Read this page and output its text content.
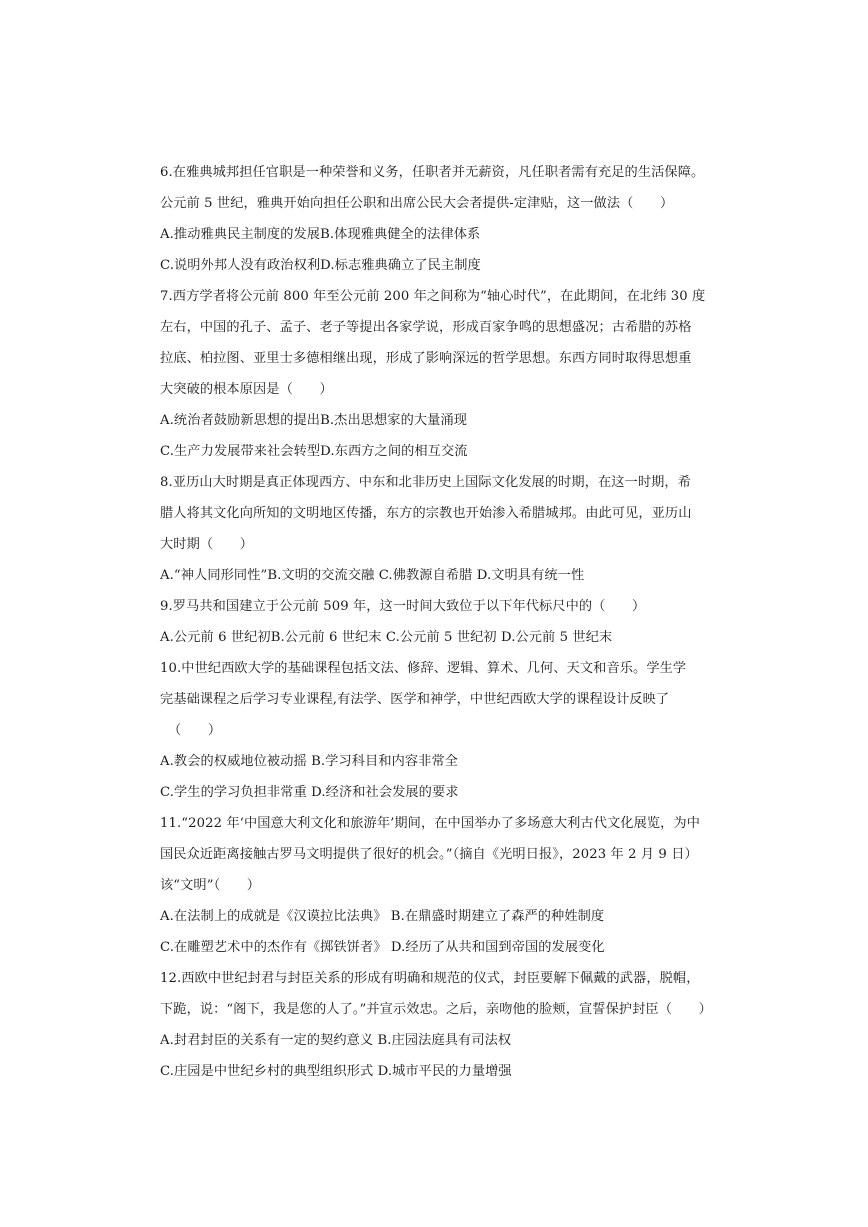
6.在雅典城邦担任官职是一种荣誉和义务，任职者并无薪资，凡任职者需有充足的生活保障。
公元前 5 世纪，雅典开始向担任公职和出席公民大会者提供-定津贴，这一做法（　　）
A.推动雅典民主制度的发展B.体现雅典健全的法律体系
C.说明外邦人没有政治权利D.标志雅典确立了民主制度
7.西方学者将公元前 800 年至公元前 200 年之间称为“轴心时代”，在此期间，在北纬 30 度
左右，中国的孔子、孟子、老子等提出各家学说，形成百家争鸣的思想盛况；古希腊的苏格
拉底、柏拉图、亚里士多德相继出现，形成了影响深远的哲学思想。东西方同时取得思想重
大突破的根本原因是（　　）
A.统治者鼓励新思想的提出B.杰出思想家的大量涌现
C.生产力发展带来社会转型D.东西方之间的相互交流
8.亚历山大时期是真正体现西方、中东和北非历史上国际文化发展的时期，在这一时期，希
腊人将其文化向所知的文明地区传播，东方的宗教也开始渗入希腊城邦。由此可见，亚历山
大时期（　　）
A.“神人同形同性”B.文明的交流交融 C.佛教源自希腊 D.文明具有统一性
9.罗马共和国建立于公元前 509 年，这一时间大致位于以下年代标尺中的（　　）
A.公元前 6 世纪初B.公元前 6 世纪末 C.公元前 5 世纪初 D.公元前 5 世纪末
10.中世纪西欧大学的基础课程包括文法、修辞、逻辑、算术、几何、天文和音乐。学生学
完基础课程之后学习专业课程,有法学、医学和神学，中世纪西欧大学的课程设计反映了
（　　）
A.教会的权威地位被动摇 B.学习科目和内容非常全
C.学生的学习负担非常重 D.经济和社会发展的要求
11.“2022 年‘中国意大利文化和旅游年’期间，在中国举办了多场意大利古代文化展览，为中
国民众近距离接触古罗马文明提供了很好的机会。”（摘自《光明日报》，2023 年 2 月 9 日）
该“文明”（　　）
A.在法制上的成就是《汉谟拉比法典》 B.在鼎盛时期建立了森严的种姓制度
C.在雕塑艺术中的杰作有《掷铁饼者》 D.经历了从共和国到帝国的发展变化
12.西欧中世纪封君与封臣关系的形成有明确和规范的仪式，封臣要解下佩戴的武器，脱帽，
下跪，说：“阁下，我是您的人了。”并宣示效忠。之后，亲吻他的脸颊，宣誓保护封臣（　　）
A.封君封臣的关系有一定的契约意义 B.庄园法庭具有司法权
C.庄园是中世纪乡村的典型组织形式 D.城市平民的力量增强
